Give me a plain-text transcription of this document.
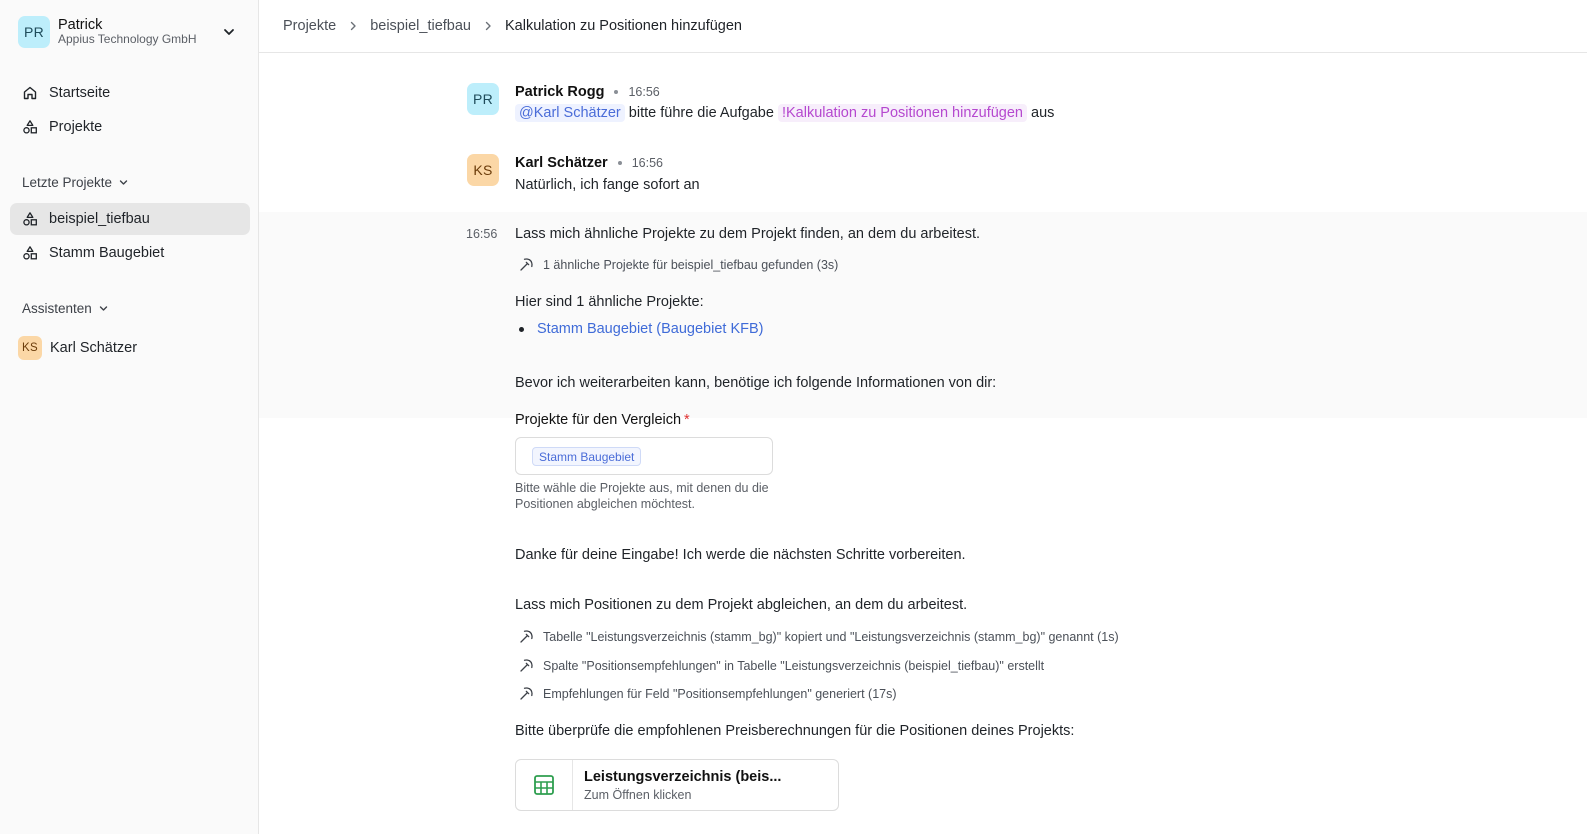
PR Patrick
Appius Technology GmbH
Startseite
Projekte
Letzte Projekte
beispiel_tiefbau
Stamm Baugebiet
Assistenten
KS Karl Schätzer
Projekte beispiel_tiefbau Kalkulation zu Positionen hinzufügen
PR	Patrick Rogg 16:56
@Karl Schätzer bitte führe die Aufgabe !Kalkulation zu Positionen hinzufügen aus
KS	Karl Schätzer 16:56
Natürlich, ich fange sofort an
16:56 Lass mich ähnliche Projekte zu dem Projekt finden, an dem du arbeitest.
1 ähnliche Projekte für beispiel_tiefbau gefunden (3s)
Hier sind 1 ähnliche Projekte:
Stamm Baugebiet (Baugebiet KFB)
Bevor ich weiterarbeiten kann, benötige ich folgende Informationen von dir:
Projekte für den Vergleich *
Stamm Baugebiet
Bitte wähle die Projekte aus, mit denen du die Positionen abgleichen möchtest.
Danke für deine Eingabe! Ich werde die nächsten Schritte vorbereiten.
Lass mich Positionen zu dem Projekt abgleichen, an dem du arbeitest.
Tabelle "Leistungsverzeichnis (stamm_bg)" kopiert und "Leistungsverzeichnis (stamm_bg)" genannt (1s)
Spalte "Positionsempfehlungen" in Tabelle "Leistungsverzeichnis (beispiel_tiefbau)" erstellt
Empfehlungen für Feld "Positionsempfehlungen" generiert (17s)
Bitte überprüfe die empfohlenen Preisberechnungen für die Positionen deines Projekts:
Leistungsverzeichnis (beis...
Zum Öffnen klicken
